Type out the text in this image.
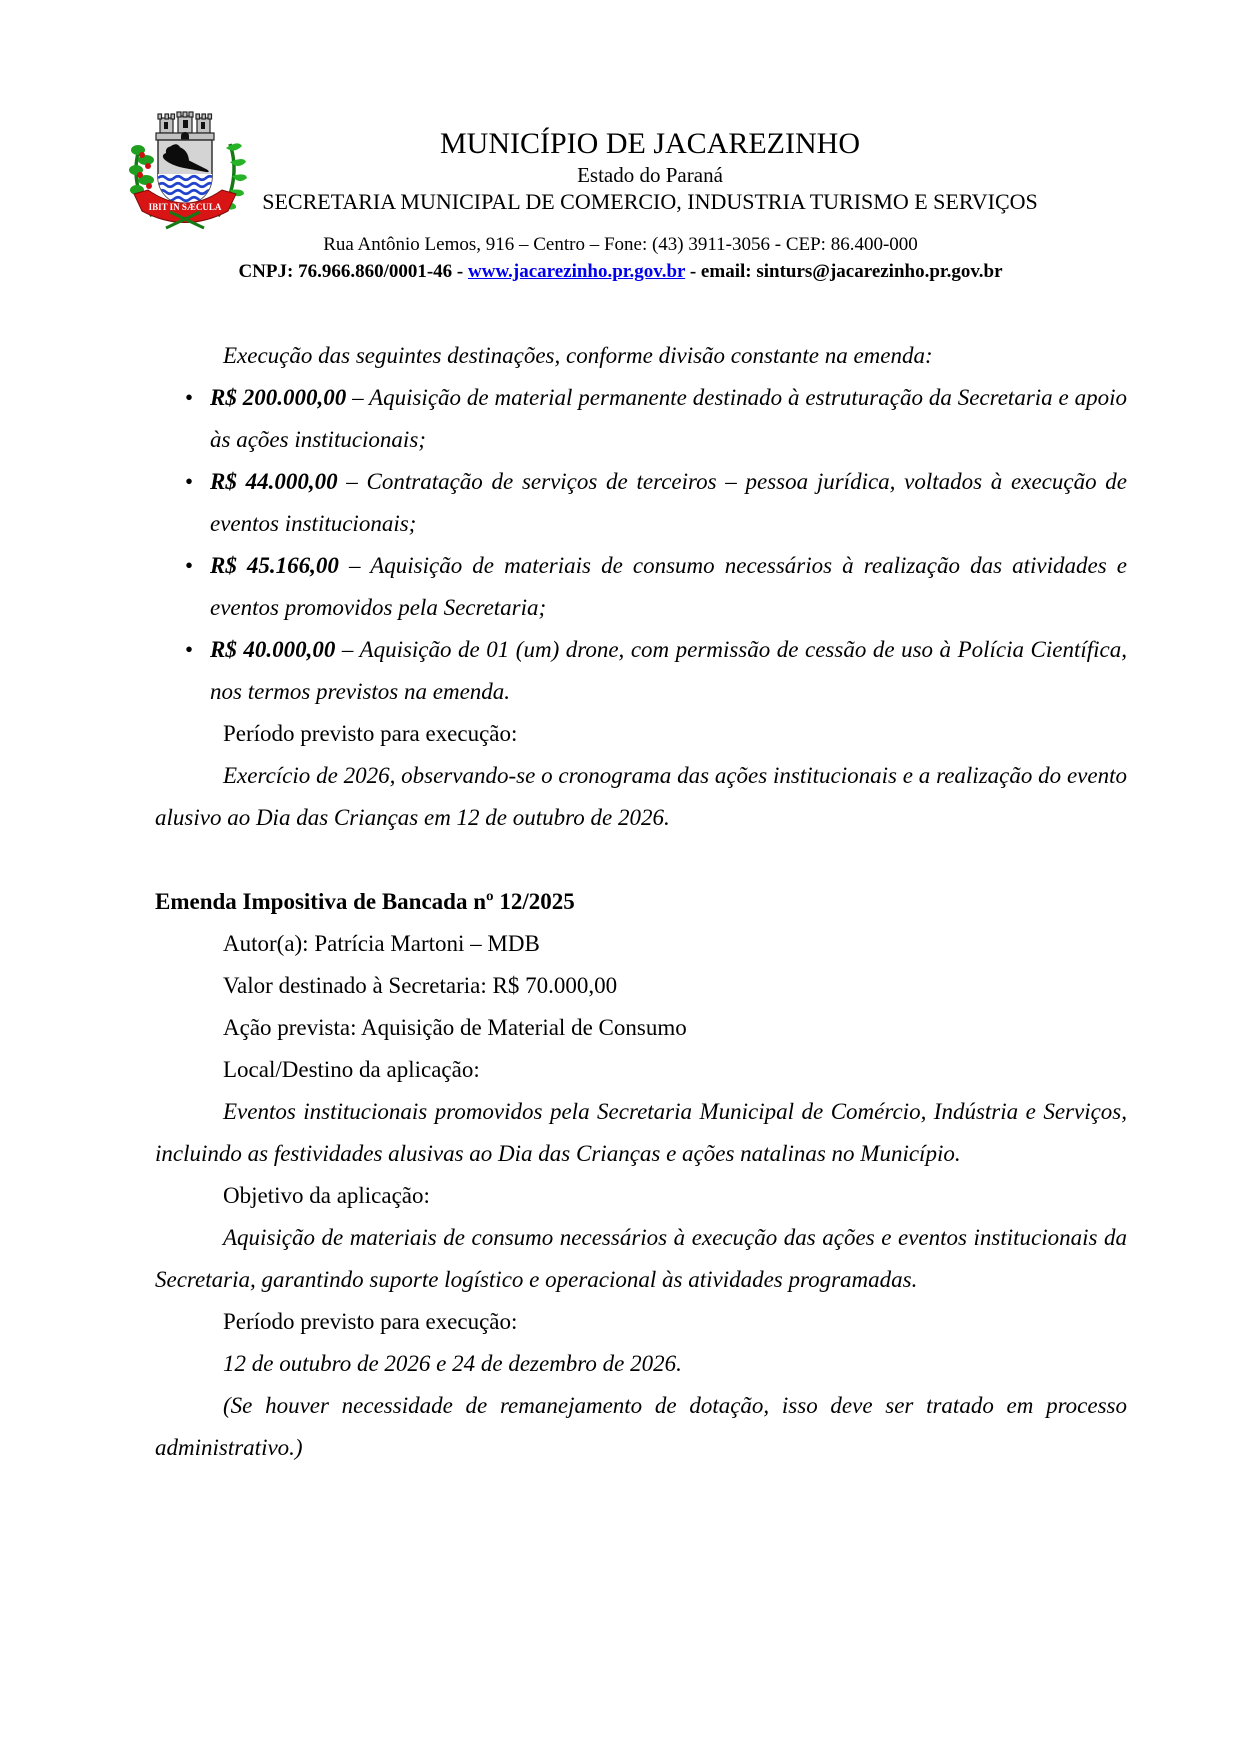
IBIT IN SÆCULA
MUNICÍPIO DE JACAREZINHO
Estado do Paraná
SECRETARIA MUNICIPAL DE COMERCIO, INDUSTRIA TURISMO E SERVIÇOS
Rua Antônio Lemos, 916 – Centro – Fone: (43) 3911-3056 - CEP: 86.400-000
CNPJ: 76.966.860/0001-46 - www.jacarezinho.pr.gov.br - email: sinturs@jacarezinho.pr.gov.br

Execução das seguintes destinações, conforme divisão constante na emenda:

• R$ 200.000,00 – Aquisição de material permanente destinado à estruturação da Secretaria e apoio às ações institucionais;
• R$ 44.000,00 – Contratação de serviços de terceiros – pessoa jurídica, voltados à execução de eventos institucionais;
• R$ 45.166,00 – Aquisição de materiais de consumo necessários à realização das atividades e eventos promovidos pela Secretaria;
• R$ 40.000,00 – Aquisição de 01 (um) drone, com permissão de cessão de uso à Polícia Científica, nos termos previstos na emenda.

Período previsto para execução:

Exercício de 2026, observando-se o cronograma das ações institucionais e a realização do evento alusivo ao Dia das Crianças em 12 de outubro de 2026.

Emenda Impositiva de Bancada nº 12/2025

Autor(a): Patrícia Martoni – MDB

Valor destinado à Secretaria: R$ 70.000,00

Ação prevista: Aquisição de Material de Consumo

Local/Destino da aplicação:

Eventos institucionais promovidos pela Secretaria Municipal de Comércio, Indústria e Serviços, incluindo as festividades alusivas ao Dia das Crianças e ações natalinas no Município.

Objetivo da aplicação:

Aquisição de materiais de consumo necessários à execução das ações e eventos institucionais da Secretaria, garantindo suporte logístico e operacional às atividades programadas.

Período previsto para execução:

12 de outubro de 2026 e 24 de dezembro de 2026.

(Se houver necessidade de remanejamento de dotação, isso deve ser tratado em processo administrativo.)
